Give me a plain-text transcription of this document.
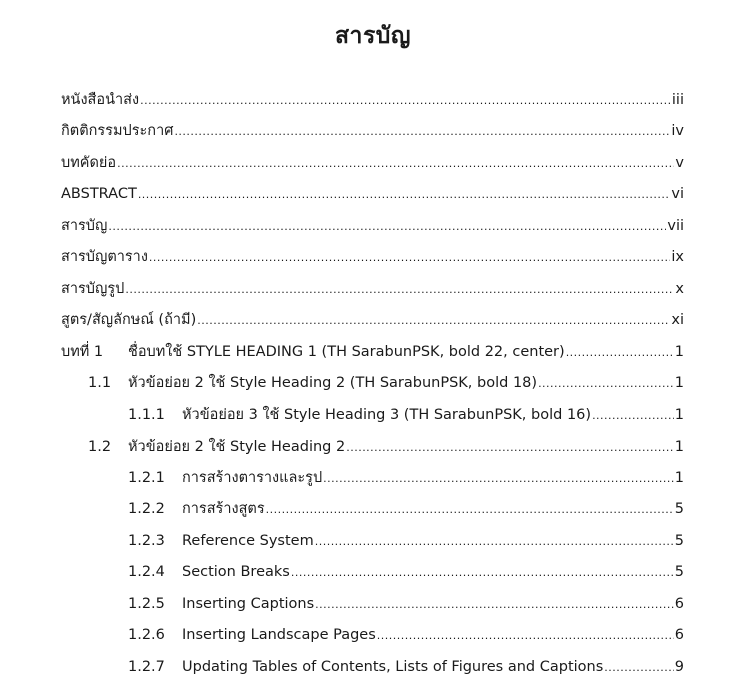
สารบัญ
หนังสือนำส่ง .....	iii
กิตติกรรมประกาศ .....	iv
บทคัดย่อ .....	v
ABSTRACT .....	vi
สารบัญ .....	vii
สารบัญตาราง .....	ix
สารบัญรูป .....	x
สูตร/สัญลักษณ์ (ถ้ามี) .....	xi
บทที่ 1	ชื่อบทใช้ STYLE HEADING 1 (TH SarabunPSK, bold 22, center) .....	1
1.1	หัวข้อย่อย 2 ใช้ Style Heading 2 (TH SarabunPSK, bold 18) .....	1
1.1.1	หัวข้อย่อย 3 ใช้ Style Heading 3 (TH SarabunPSK, bold 16) .....	1
1.2	หัวข้อย่อย 2 ใช้ Style Heading 2 .....	1
1.2.1	การสร้างตารางและรูป .....	1
1.2.2	การสร้างสูตร .....	5
1.2.3	Reference System .....	5
1.2.4	Section Breaks .....	5
1.2.5	Inserting Captions .....	6
1.2.6	Inserting Landscape Pages .....	6
1.2.7	Updating Tables of Contents, Lists of Figures and Captions .....	9
